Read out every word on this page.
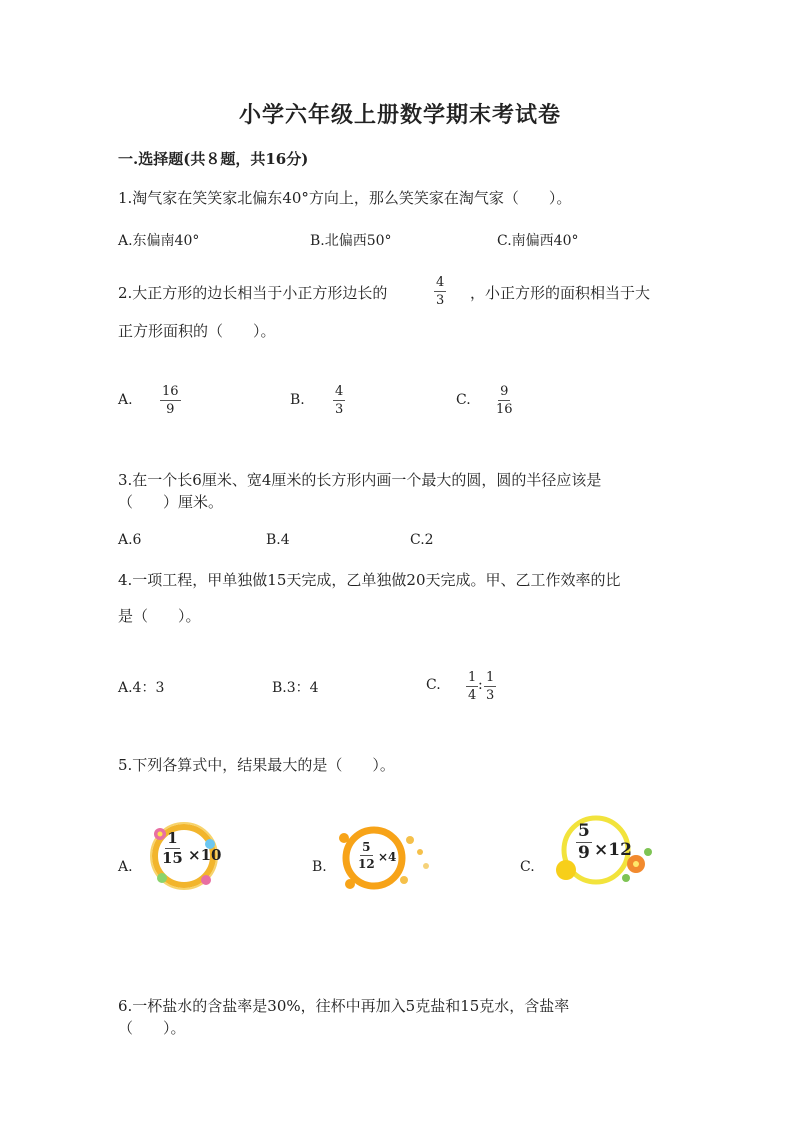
小学六年级上册数学期末考试卷
一.选择题(共８题，共16分)
1.淘气家在笑笑家北偏东40°方向上，那么笑笑家在淘气家（　　）。
A.东偏南40°	B.北偏西50°	C.南偏西40°
2.大正方形的边长相当于小正方形边长的	$\frac{4}{3}$ ，小正方形的面积相当于大
正方形面积的（　　）。
A. $\frac{16}{9}$	B. $\frac{4}{3}$	C. $\frac{9}{16}$
3.在一个长6厘米、宽4厘米的长方形内画一个最大的圆，圆的半径应该是
（　　）厘米。
A.6	B.4	C.2
4.一项工程，甲单独做15天完成，乙单独做20天完成。甲、乙工作效率的比
是（　　）。
A.4：3	B.3：4	C. $\frac{1}{4}$ : $\frac{1}{3}$
5.下列各算式中，结果最大的是（　　）。
A. $\frac{1}{15} \times 10$
B.	$\frac{5}{12} \times 4$
C.
$\frac{5}{9} \times 12$
6.一杯盐水的含盐率是30%，往杯中再加入5克盐和15克水，含盐率
（　　）。
